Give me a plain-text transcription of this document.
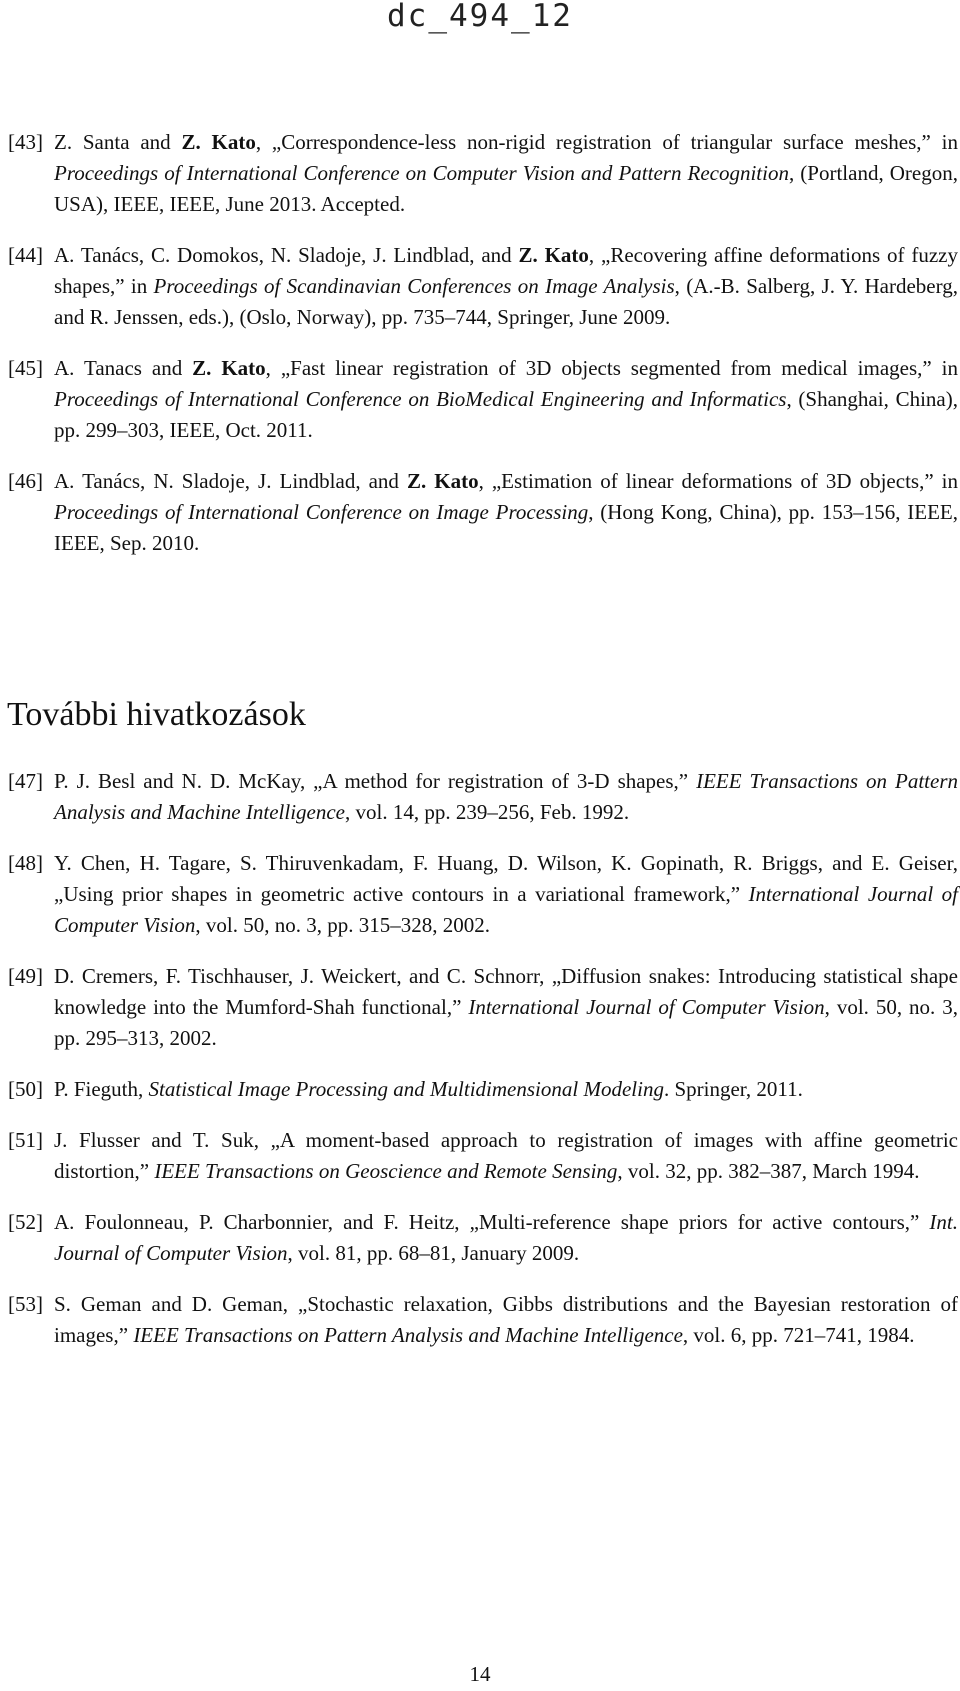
dc_494_12
[43] Z. Santa and Z. Kato, „Correspondence-less non-rigid registration of triangular surface meshes,” in Proceedings of International Conference on Computer Vision and Pattern Recognition, (Portland, Oregon, USA), IEEE, IEEE, June 2013. Accepted.
[44] A. Tanács, C. Domokos, N. Sladoje, J. Lindblad, and Z. Kato, „Recovering affine deformations of fuzzy shapes,” in Proceedings of Scandinavian Conferences on Image Analysis, (A.-B. Salberg, J. Y. Hardeberg, and R. Jenssen, eds.), (Oslo, Norway), pp. 735–744, Springer, June 2009.
[45] A. Tanacs and Z. Kato, „Fast linear registration of 3D objects segmented from medical images,” in Proceedings of International Conference on BioMedical Engineering and Informatics, (Shanghai, China), pp. 299–303, IEEE, Oct. 2011.
[46] A. Tanács, N. Sladoje, J. Lindblad, and Z. Kato, „Estimation of linear deformations of 3D objects,” in Proceedings of International Conference on Image Processing, (Hong Kong, China), pp. 153–156, IEEE, IEEE, Sep. 2010.
További hivatkozások
[47] P. J. Besl and N. D. McKay, „A method for registration of 3-D shapes,” IEEE Transactions on Pattern Analysis and Machine Intelligence, vol. 14, pp. 239–256, Feb. 1992.
[48] Y. Chen, H. Tagare, S. Thiruvenkadam, F. Huang, D. Wilson, K. Gopinath, R. Briggs, and E. Geiser, „Using prior shapes in geometric active contours in a variational framework,” International Journal of Computer Vision, vol. 50, no. 3, pp. 315–328, 2002.
[49] D. Cremers, F. Tischhauser, J. Weickert, and C. Schnorr, „Diffusion snakes: Introducing statistical shape knowledge into the Mumford-Shah functional,” International Journal of Computer Vision, vol. 50, no. 3, pp. 295–313, 2002.
[50] P. Fieguth, Statistical Image Processing and Multidimensional Modeling. Springer, 2011.
[51] J. Flusser and T. Suk, „A moment-based approach to registration of images with affine geometric distortion,” IEEE Transactions on Geoscience and Remote Sensing, vol. 32, pp. 382–387, March 1994.
[52] A. Foulonneau, P. Charbonnier, and F. Heitz, „Multi-reference shape priors for active contours,” Int. Journal of Computer Vision, vol. 81, pp. 68–81, January 2009.
[53] S. Geman and D. Geman, „Stochastic relaxation, Gibbs distributions and the Bayesian restoration of images,” IEEE Transactions on Pattern Analysis and Machine Intelligence, vol. 6, pp. 721–741, 1984.
14
